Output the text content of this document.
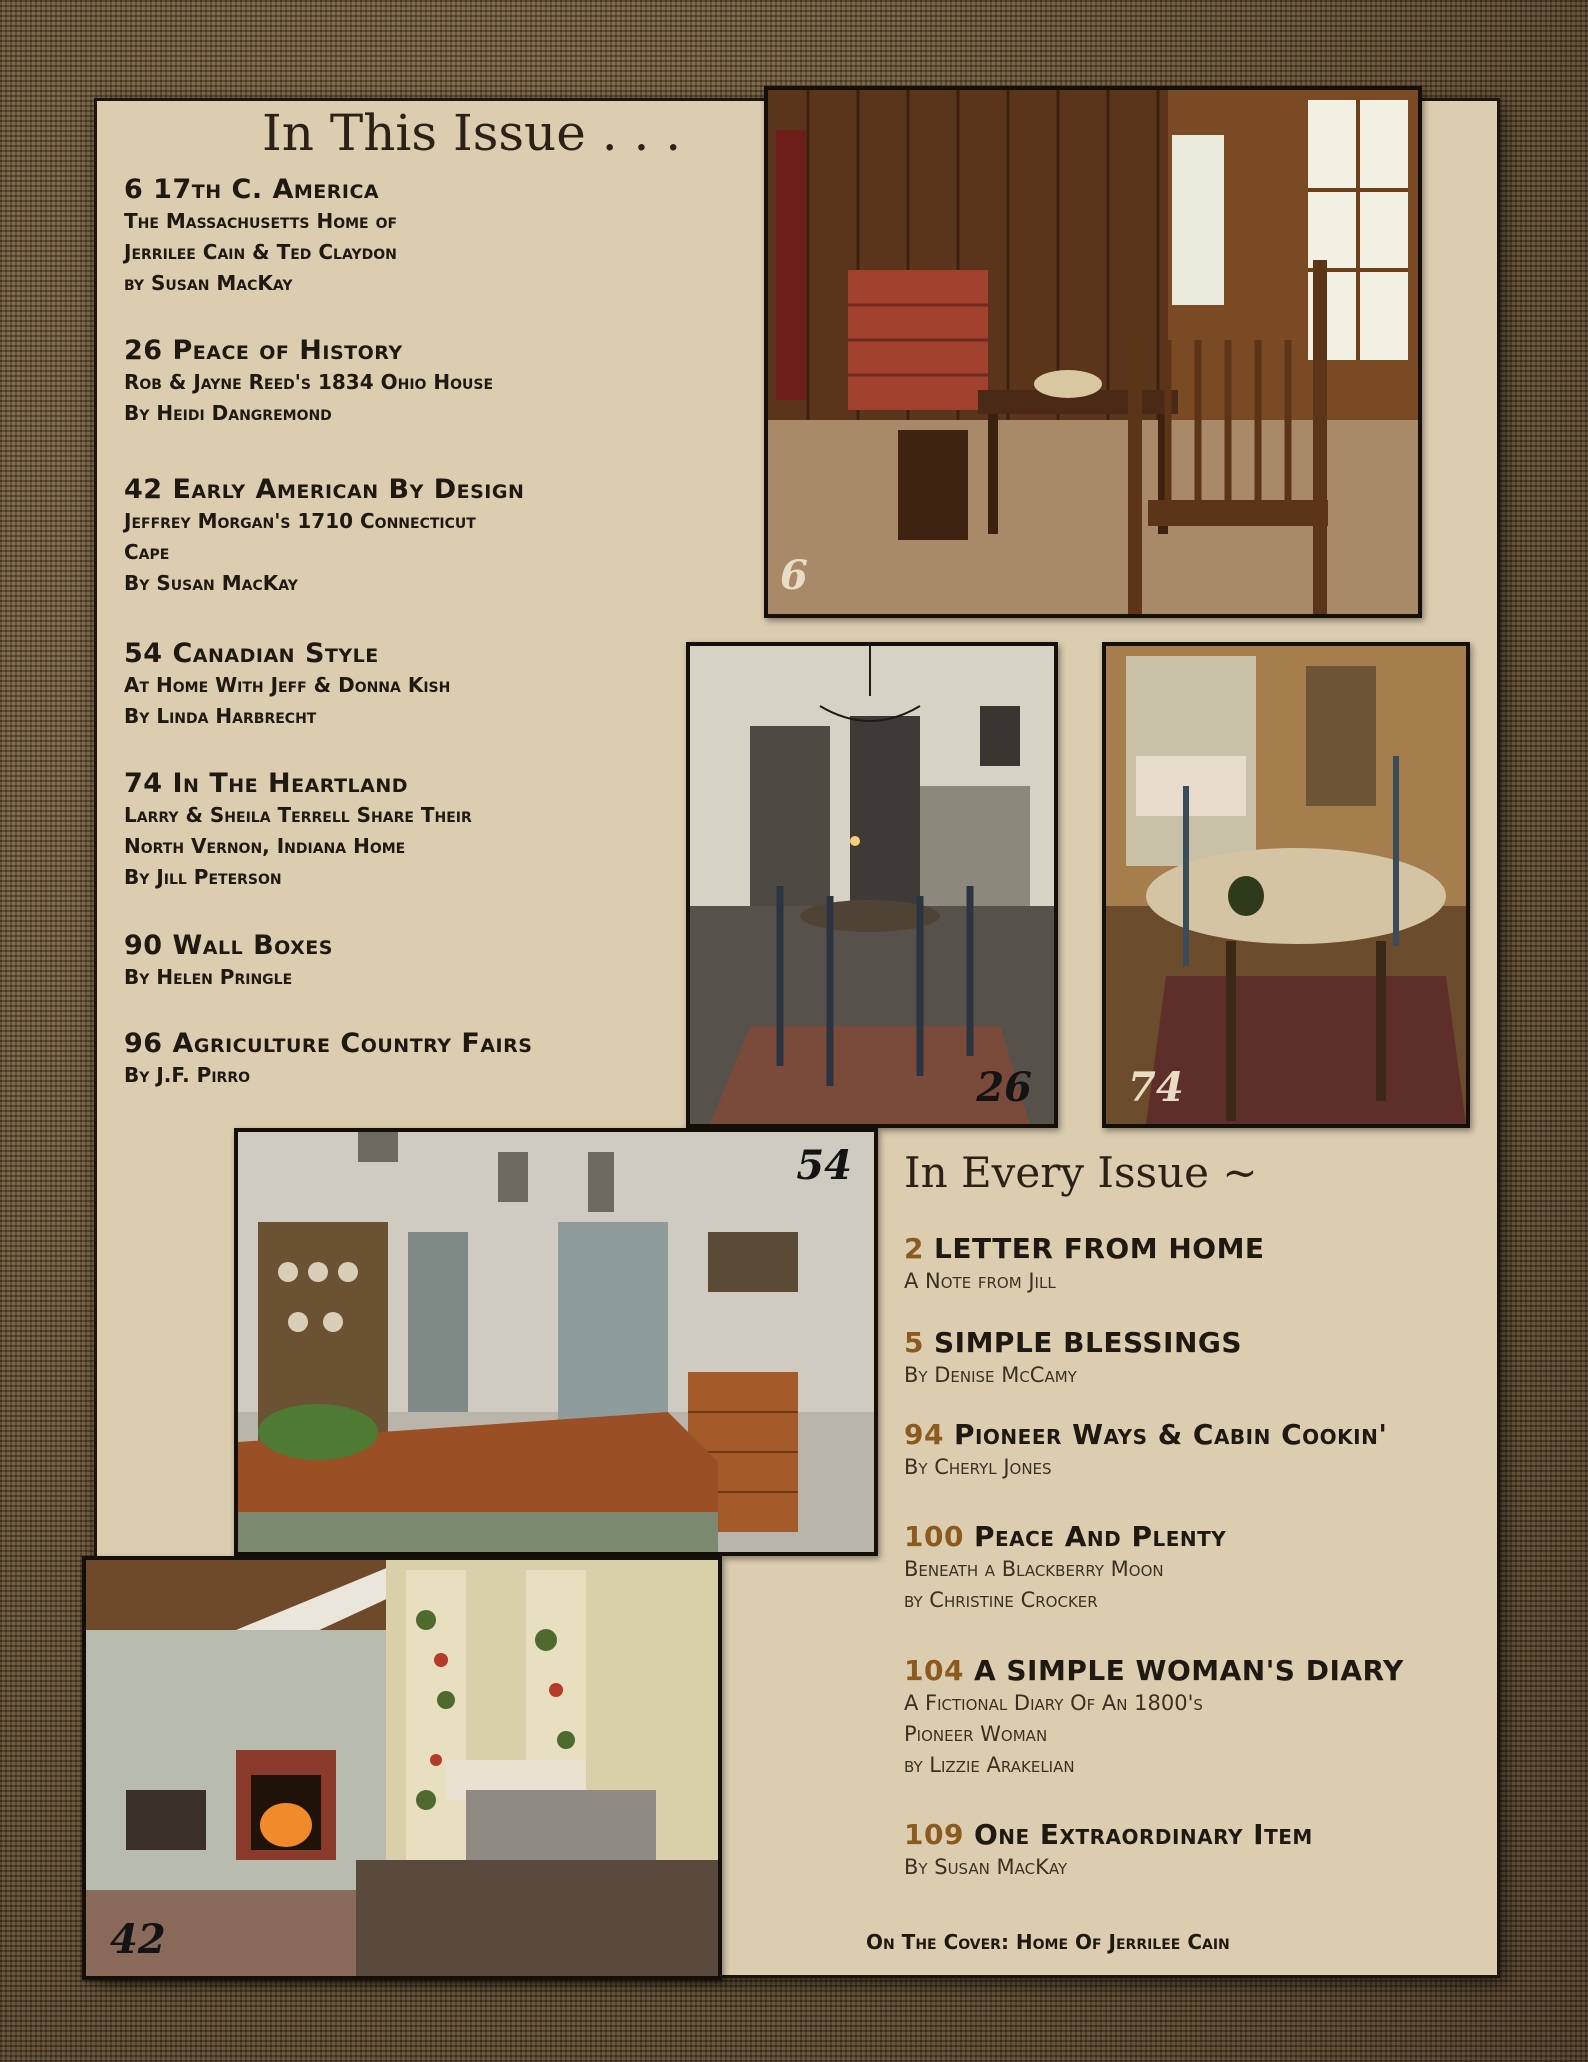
In This Issue . . .
6 17th C. America
The Massachusetts Home of
Jerrilee Cain & Ted Claydon
by Susan MacKay
26 Peace of History
Rob & Jayne Reed's 1834 Ohio House
By Heidi Dangremond
42 Early American By Design
Jeffrey Morgan's 1710 Connecticut
Cape
By Susan MacKay
54 Canadian Style
At Home With Jeff & Donna Kish
By Linda Harbrecht
74 In The Heartland
Larry & Sheila Terrell Share Their
North Vernon, Indiana Home
By Jill Peterson
90 Wall Boxes
By Helen Pringle
96 Agriculture Country Fairs
By J.F. Pirro
6
26 74
54
42
In Every Issue ~
2 LETTER FROM HOME
A Note from Jill
5 SIMPLE BLESSINGS
By Denise McCamy
94 Pioneer Ways & Cabin Cookin'
By Cheryl Jones
100 Peace And Plenty
Beneath a Blackberry Moon
by Christine Crocker
104 A SIMPLE WOMAN'S DIARY
A Fictional Diary Of An 1800's
Pioneer Woman
by Lizzie Arakelian
109 One Extraordinary Item
By Susan MacKay
On The Cover: Home Of Jerrilee Cain
